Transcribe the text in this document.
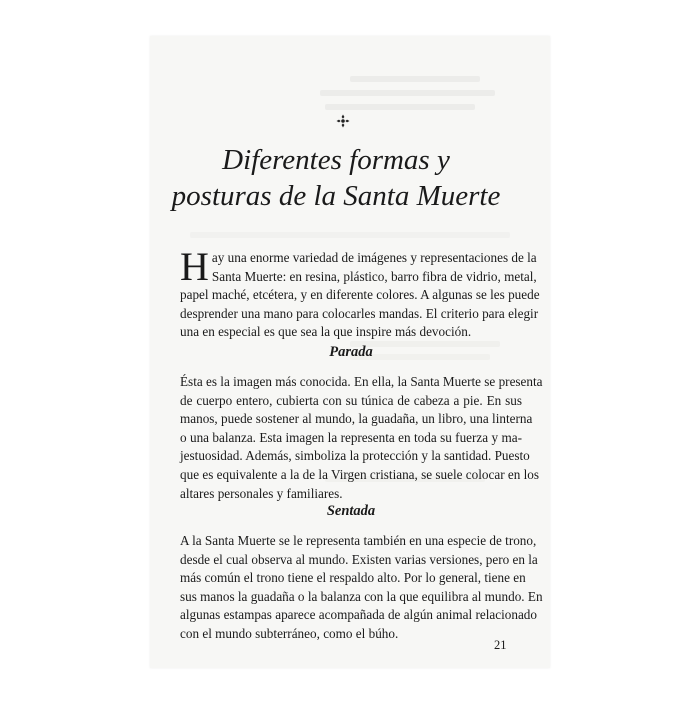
Diferentes formas y
posturas de la Santa Muerte

H ay una enorme variedad de imágenes y representaciones de la
Santa Muerte: en resina, plástico, barro fibra de vidrio, metal,
papel maché, etcétera, y en diferente colores. A algunas se les puede
desprender una mano para colocarles mandas. El criterio para elegir
una en especial es que sea la que inspire más devoción.

Parada

Ésta es la imagen más conocida. En ella, la Santa Muerte se presenta
de cuerpo entero, cubierta con su túnica de cabeza a pie. En sus
manos, puede sostener al mundo, la guadaña, un libro, una linterna
o una balanza. Esta imagen la representa en toda su fuerza y ma-
jestuosidad. Además, simboliza la protección y la santidad. Puesto
que es equivalente a la de la Virgen cristiana, se suele colocar en los
altares personales y familiares.

Sentada

A la Santa Muerte se le representa también en una especie de trono,
desde el cual observa al mundo. Existen varias versiones, pero en la
más común el trono tiene el respaldo alto. Por lo general, tiene en
sus manos la guadaña o la balanza con la que equilibra al mundo. En
algunas estampas aparece acompañada de algún animal relacionado
con el mundo subterráneo, como el búho.

21
